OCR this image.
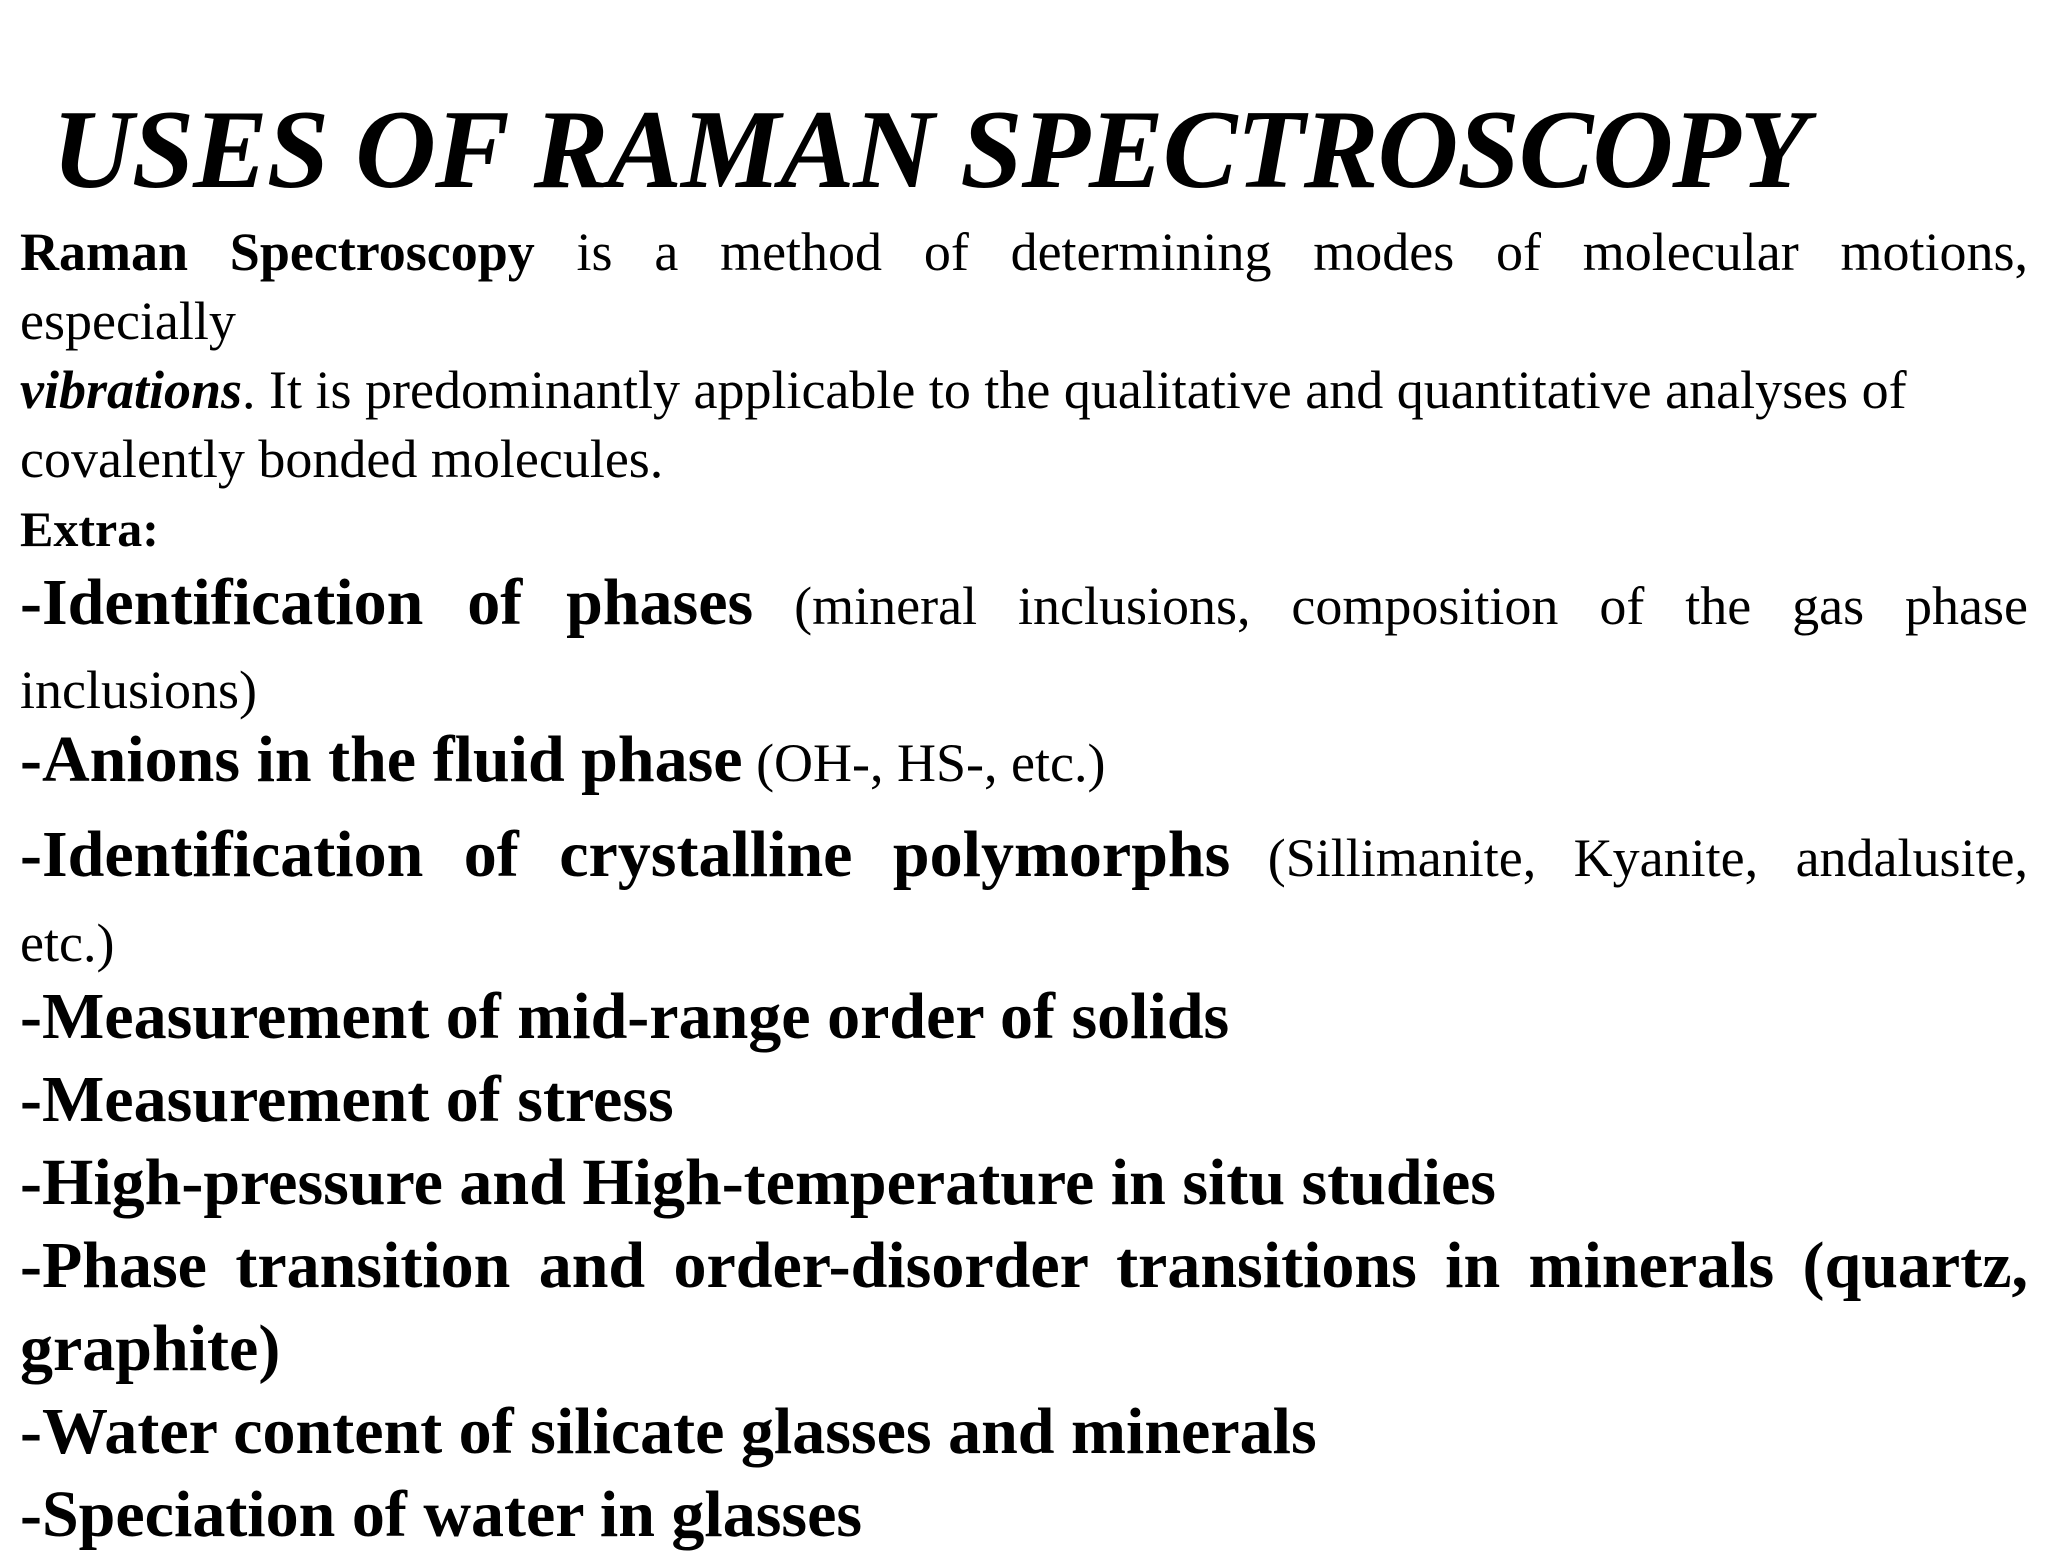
USES OF RAMAN SPECTROSCOPY

Raman Spectroscopy is a method of determining modes of molecular motions,
especially
vibrations. It is predominantly applicable to the qualitative and quantitative analyses of
covalently bonded molecules.

Extra:

-Identification of phases (mineral inclusions, composition of the gas phase
inclusions)
-Anions in the fluid phase (OH-, HS-, etc.)
-Identification of crystalline polymorphs (Sillimanite, Kyanite, andalusite,
etc.)
-Measurement of mid-range order of solids
-Measurement of stress
-High-pressure and High-temperature in situ studies
-Phase transition and order-disorder transitions in minerals (quartz,
graphite)
-Water content of silicate glasses and minerals
-Speciation of water in glasses
